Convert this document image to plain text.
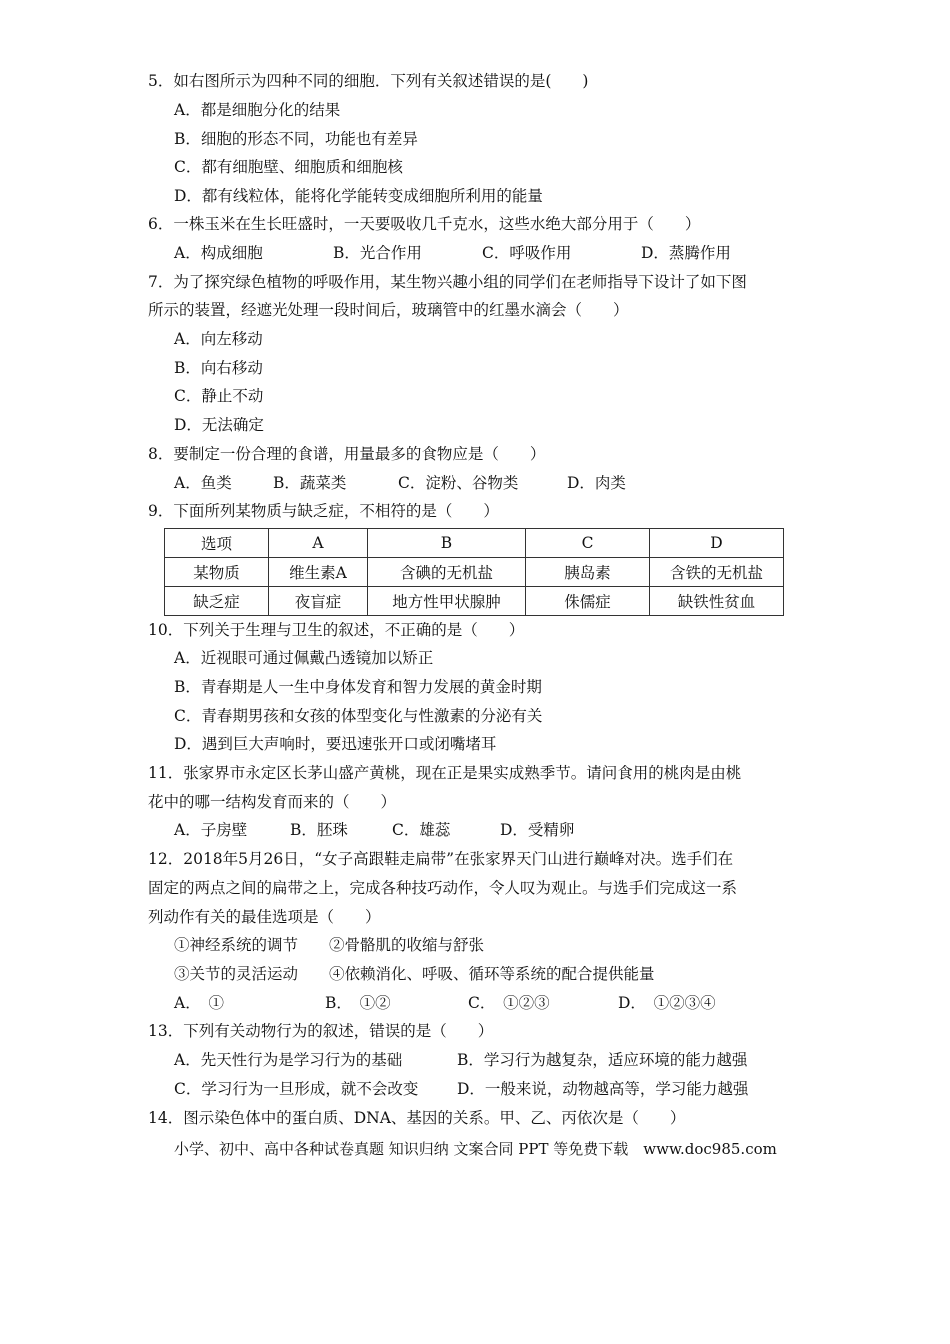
5．如右图所示为四种不同的细胞．下列有关叙述错误的是(　　)
A．都是细胞分化的结果
B．细胞的形态不同，功能也有差异
C．都有细胞壁、细胞质和细胞核
D．都有线粒体，能将化学能转变成细胞所利用的能量
6．一株玉米在生长旺盛时，一天要吸收几千克水，这些水绝大部分用于（　　）
A．构成细胞	B．光合作用	C．呼吸作用	D．蒸腾作用
7．为了探究绿色植物的呼吸作用，某生物兴趣小组的同学们在老师指导下设计了如下图
所示的装置，经遮光处理一段时间后，玻璃管中的红墨水滴会（　　）
A．向左移动
B．向右移动
C．静止不动
D．无法确定
8．要制定一份合理的食谱，用量最多的食物应是（　　）
A．鱼类	B．蔬菜类	C．淀粉、谷物类	D．肉类
9．下面所列某物质与缺乏症，不相符的是（　　）
选项	A	B	C	D
某物质	维生素A	含碘的无机盐	胰岛素	含铁的无机盐
缺乏症	夜盲症	地方性甲状腺肿	侏儒症	缺铁性贫血
10．下列关于生理与卫生的叙述，不正确的是（　　）
A．近视眼可通过佩戴凸透镜加以矫正
B．青春期是人一生中身体发育和智力发展的黄金时期
C．青春期男孩和女孩的体型变化与性激素的分泌有关
D．遇到巨大声响时，要迅速张开口或闭嘴堵耳
11．张家界市永定区长茅山盛产黄桃，现在正是果实成熟季节。请问食用的桃肉是由桃
花中的哪一结构发育而来的（　　）
A．子房壁	B．胚珠	C．雄蕊	D．受精卵
12．2018年5月26日，“女子高跟鞋走扁带”在张家界天门山进行巅峰对决。选手们在
固定的两点之间的扁带之上，完成各种技巧动作，令人叹为观止。与选手们完成这一系
列动作有关的最佳选项是（　　）
①神经系统的调节　　②骨骼肌的收缩与舒张
③关节的灵活运动　　④依赖消化、呼吸、循环等系统的配合提供能量
A．　①	B．　①②	C．　①②③	D．　①②③④
13．下列有关动物行为的叙述，错误的是（　　）
A．先天性行为是学习行为的基础	B．学习行为越复杂，适应环境的能力越强
C．学习行为一旦形成，就不会改变 D．一般来说，动物越高等，学习能力越强
14．图示染色体中的蛋白质、DNA、基因的关系。甲、乙、丙依次是（　　）
小学、初中、高中各种试卷真题 知识归纳 文案合同 PPT 等免费下载　www.doc985.com
